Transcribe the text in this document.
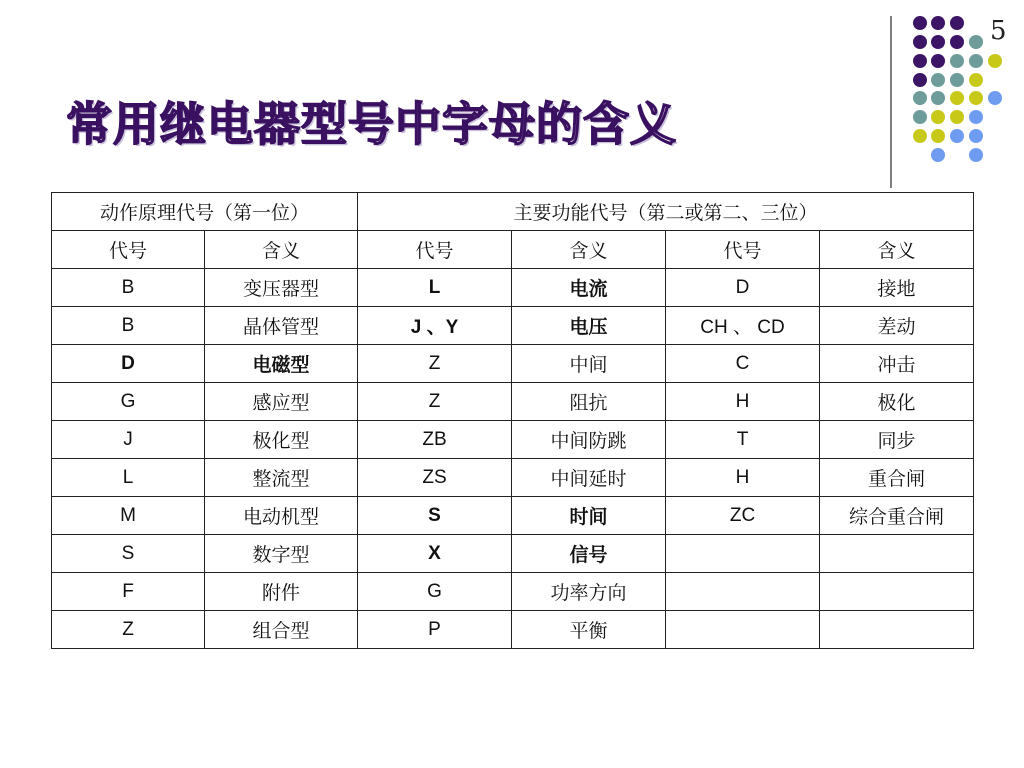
5
常用继电器型号中字母的含义
动作原理代号（第一位）		主要功能代号（第二或第二、三位）			
代号	含义	代号	含义	代号	含义
B	变压器型	L	电流	D	接地
B	晶体管型	J 、Y	电压	CH 、 CD	差动
D	电磁型	Z	中间	C	冲击
G	感应型	Z	阻抗	H	极化
J	极化型	ZB	中间防跳	T	同步
L	整流型	ZS	中间延时	H	重合闸
M	电动机型	S	时间	ZC	综合重合闸
S	数字型	X	信号		
F	附件	G	功率方向		
Z	组合型	P	平衡		
